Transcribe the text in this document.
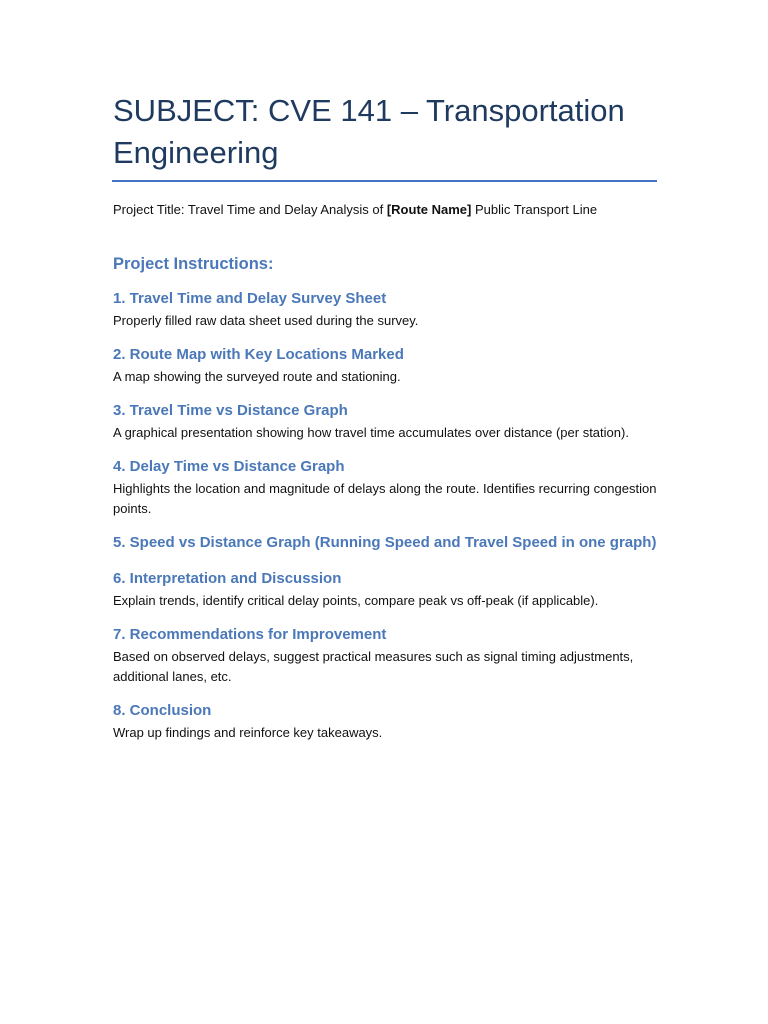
SUBJECT: CVE 141 – Transportation Engineering
Project Title: Travel Time and Delay Analysis of [Route Name] Public Transport Line
Project Instructions:
1. Travel Time and Delay Survey Sheet
Properly filled raw data sheet used during the survey.
2. Route Map with Key Locations Marked
A map showing the surveyed route and stationing.
3. Travel Time vs Distance Graph
A graphical presentation showing how travel time accumulates over distance (per station).
4. Delay Time vs Distance Graph
Highlights the location and magnitude of delays along the route. Identifies recurring congestion points.
5. Speed vs Distance Graph (Running Speed and Travel Speed in one graph)
6. Interpretation and Discussion
Explain trends, identify critical delay points, compare peak vs off-peak (if applicable).
7. Recommendations for Improvement
Based on observed delays, suggest practical measures such as signal timing adjustments, additional lanes, etc.
8. Conclusion
Wrap up findings and reinforce key takeaways.
